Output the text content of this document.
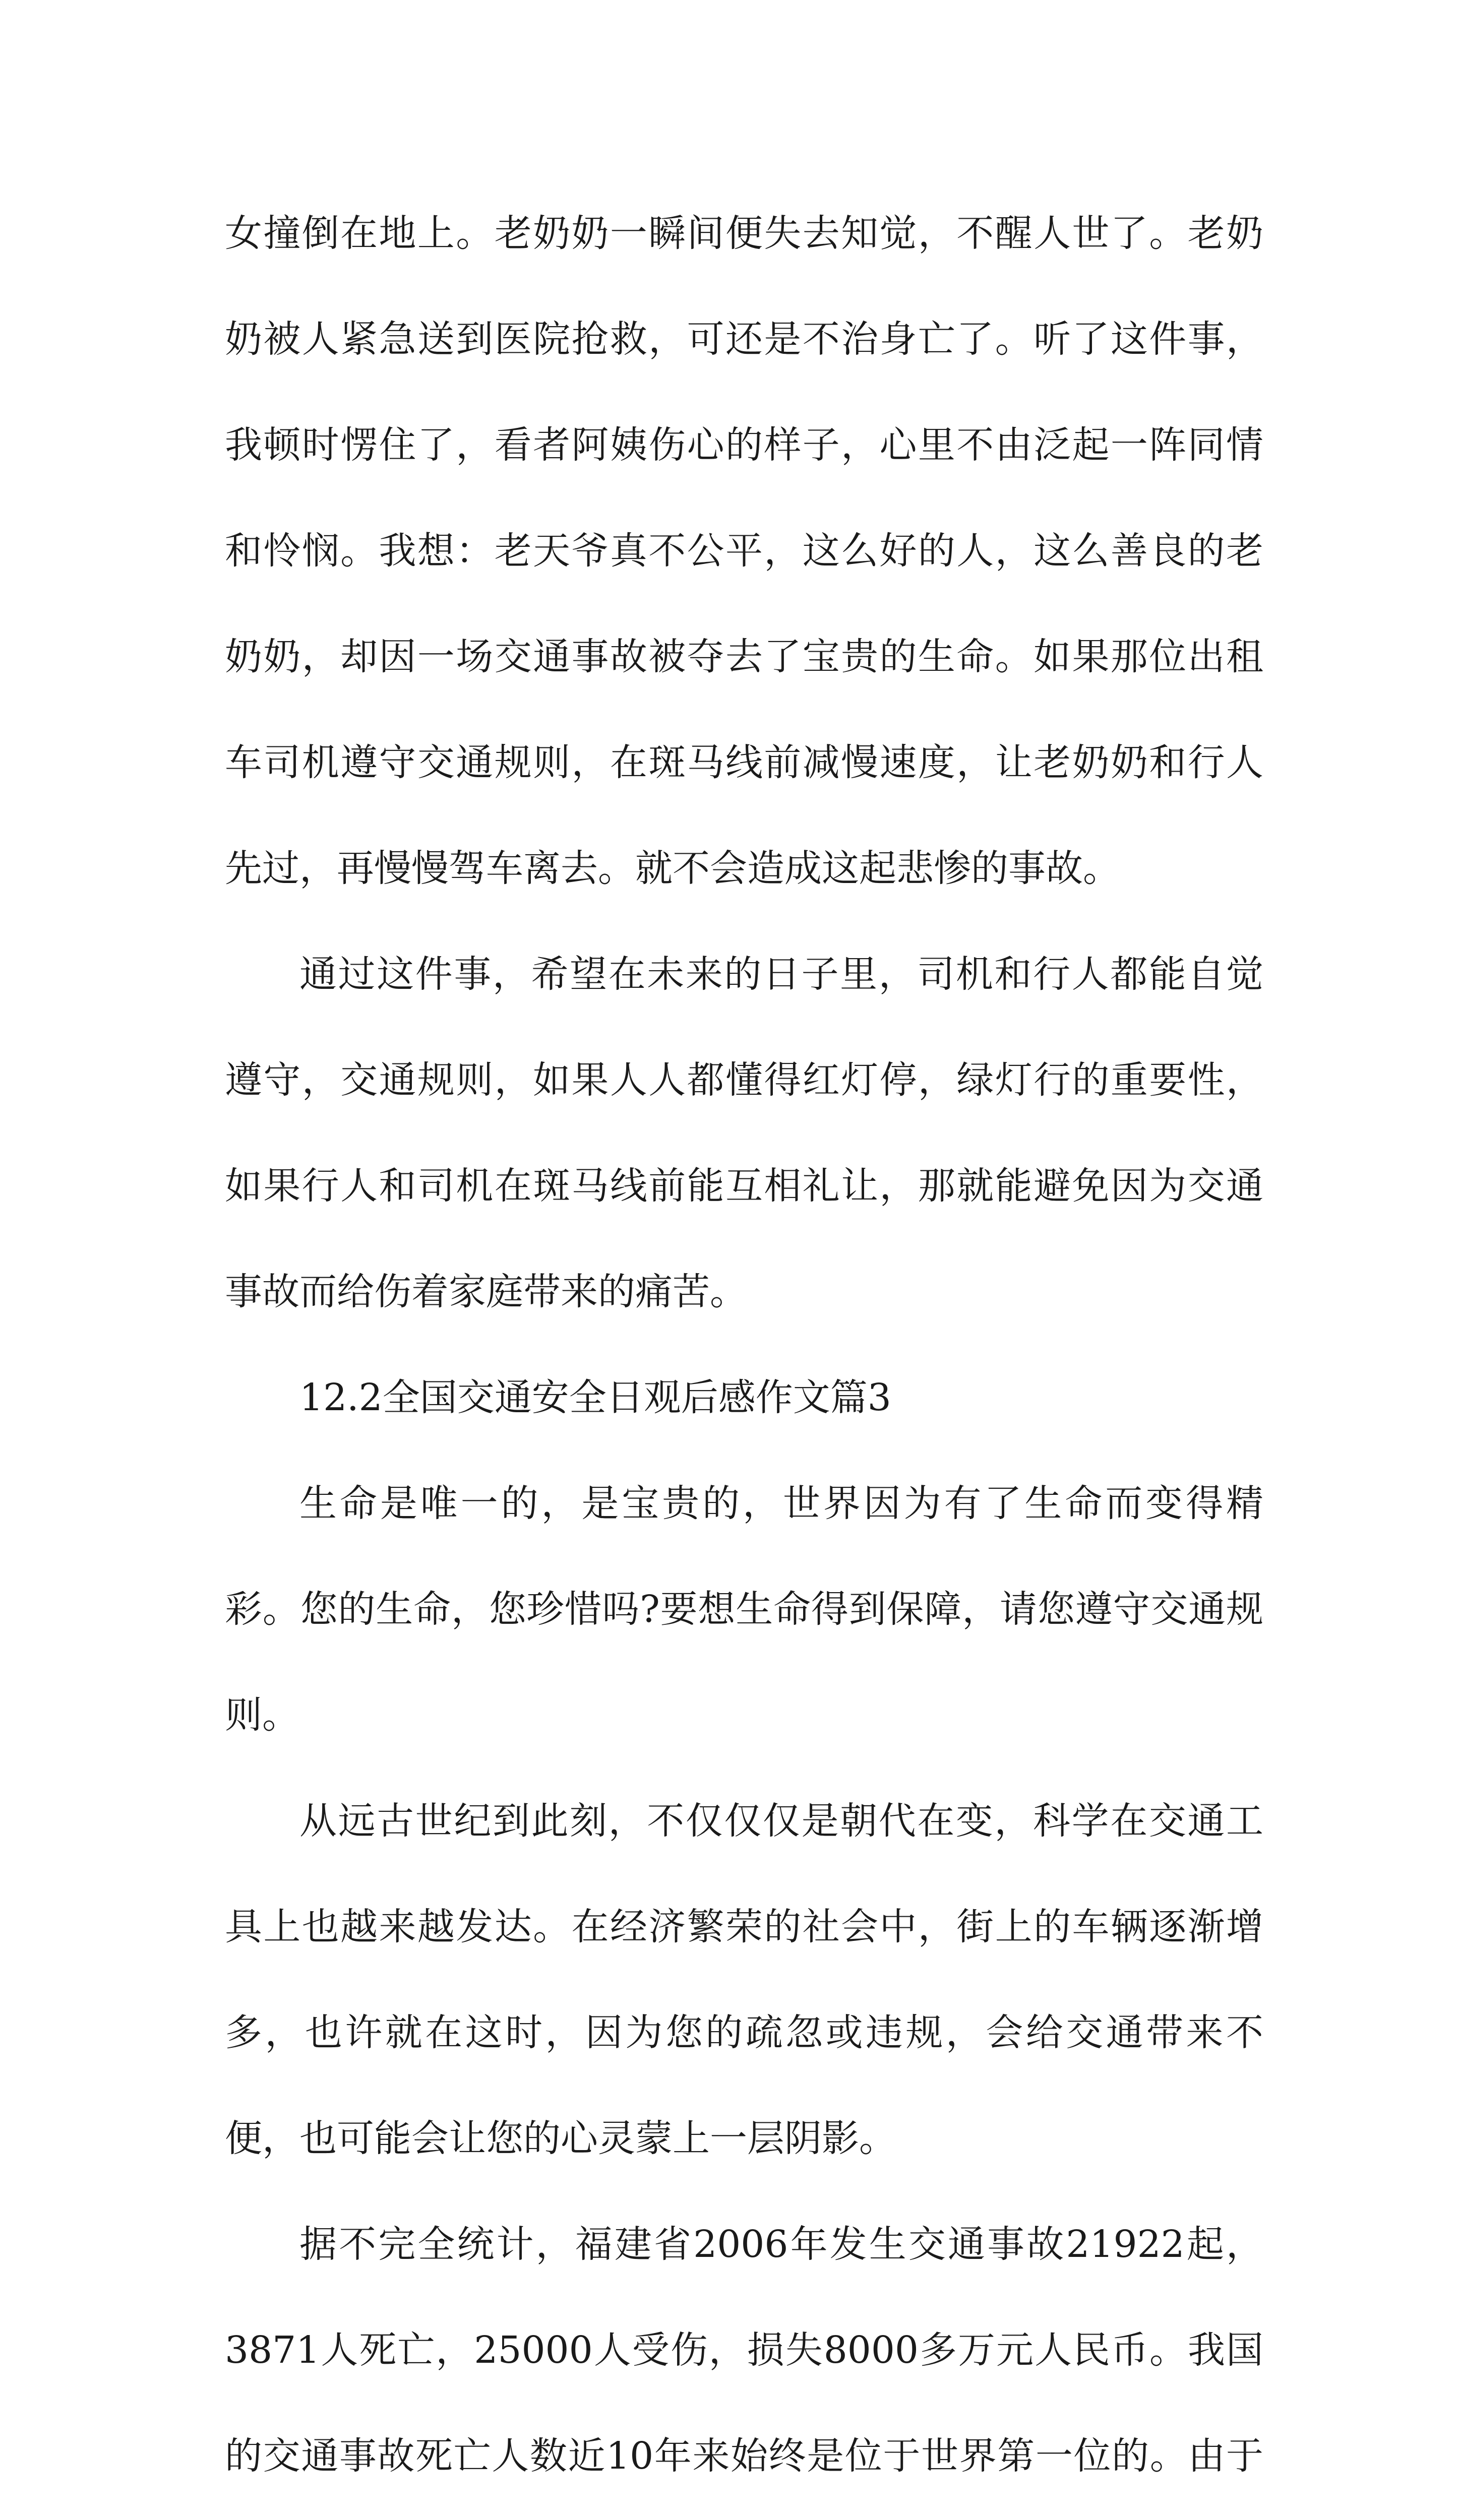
女撞倒在地上。老奶奶一瞬间便失去知觉，不醒人世了。老奶奶被人紧急送到医院抢救，可还是不治身亡了。听了这件事，我顿时愣住了，看者阿姨伤心的样子，心里不由泛起一阵同情和怜悯。我想：老天爷真不公平，这么好的人，这么善良的老奶奶，却因一场交通事故被夺去了宝贵的生命。如果那位出租车司机遵守交通规则，在斑马线前减慢速度，让老奶奶和行人先过，再慢慢驾车离去。就不会造成这起悲惨的事故。

通过这件事，希望在未来的日子里，司机和行人都能自觉遵守，交通规则，如果人人都懂得红灯停，绿灯行的重要性，如果行人和司机在斑马线前能互相礼让，那就能避免因为交通事故而给伤着家庭带来的痛苦。

12.2全国交通安全日观后感作文篇3

生命是唯一的，是宝贵的，世界因为有了生命而变得精彩。您的生命，您珍惜吗?要想生命得到保障，请您遵守交通规则。

从远古世纪到此刻，不仅仅仅是朝代在变，科学在交通工具上也越来越发达。在经济繁荣的社会中，街上的车辆逐渐增多，也许就在这时，因为您的疏忽或违规，会给交通带来不便，也可能会让您的心灵蒙上一层阴影。

据不完全统计，福建省2006年发生交通事故21922起，3871人死亡，25000人受伤，损失8000多万元人民币。我国的交通事故死亡人数近10年来始终是位于世界第一位的。由于
